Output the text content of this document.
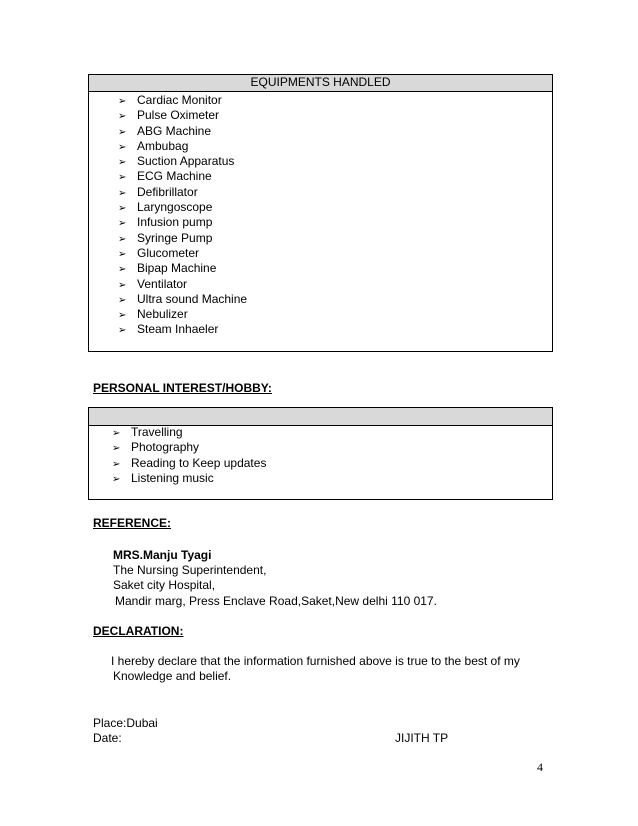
EQUIPMENTS HANDLED
➢ Cardiac Monitor
➢ Pulse Oximeter
➢ ABG Machine
➢ Ambubag
➢ Suction Apparatus
➢ ECG Machine
➢ Defibrillator
➢ Laryngoscope
➢ Infusion pump
➢ Syringe Pump
➢ Glucometer
➢ Bipap Machine
➢ Ventilator
➢ Ultra sound Machine
➢ Nebulizer
➢ Steam Inhaeler
PERSONAL INTEREST/HOBBY:
➢ Travelling
➢ Photography
➢ Reading to Keep updates
➢ Listening music
REFERENCE:
MRS.Manju Tyagi
The Nursing Superintendent,
Saket city Hospital,
Mandir marg, Press Enclave Road,Saket,New delhi 110 017.
DECLARATION:
I hereby declare that the information furnished above is true to the best of my
Knowledge and belief.
Place:Dubai
Date:	JIJITH TP
4
